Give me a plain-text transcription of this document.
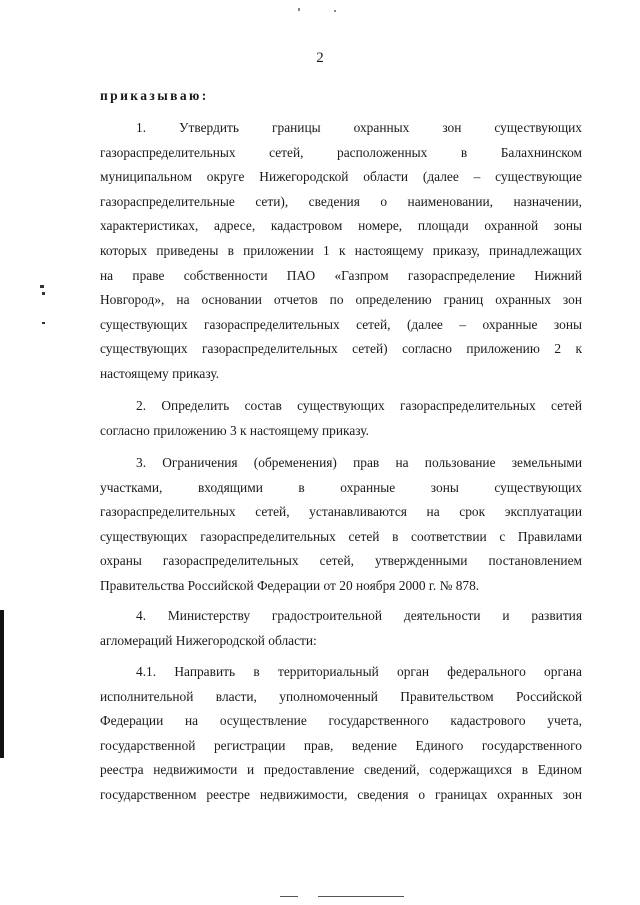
2
приказываю:
1. Утвердить границы охранных зон существующих
газораспределительных сетей, расположенных в Балахнинском
муниципальном округе Нижегородской области (далее – существующие
газораспределительные сети), сведения о наименовании, назначении,
характеристиках, адресе, кадастровом номере, площади охранной зоны
которых приведены в приложении 1 к настоящему приказу, принадлежащих
на праве собственности ПАО «Газпром газораспределение Нижний
Новгород», на основании отчетов по определению границ охранных зон
существующих газораспределительных сетей, (далее – охранные зоны
существующих газораспределительных сетей) согласно приложению 2 к
настоящему приказу.
2. Определить состав существующих газораспределительных сетей
согласно приложению 3 к настоящему приказу.
3. Ограничения (обременения) прав на пользование земельными
участками, входящими в охранные зоны существующих
газораспределительных сетей, устанавливаются на срок эксплуатации
существующих газораспределительных сетей в соответствии с Правилами
охраны газораспределительных сетей, утвержденными постановлением
Правительства Российской Федерации от 20 ноября 2000 г. № 878.
4. Министерству градостроительной деятельности и развития
агломераций Нижегородской области:
4.1. Направить в территориальный орган федерального органа
исполнительной власти, уполномоченный Правительством Российской
Федерации на осуществление государственного кадастрового учета,
государственной регистрации прав, ведение Единого государственного
реестра недвижимости и предоставление сведений, содержащихся в Едином
государственном реестре недвижимости, сведения о границах охранных зон
